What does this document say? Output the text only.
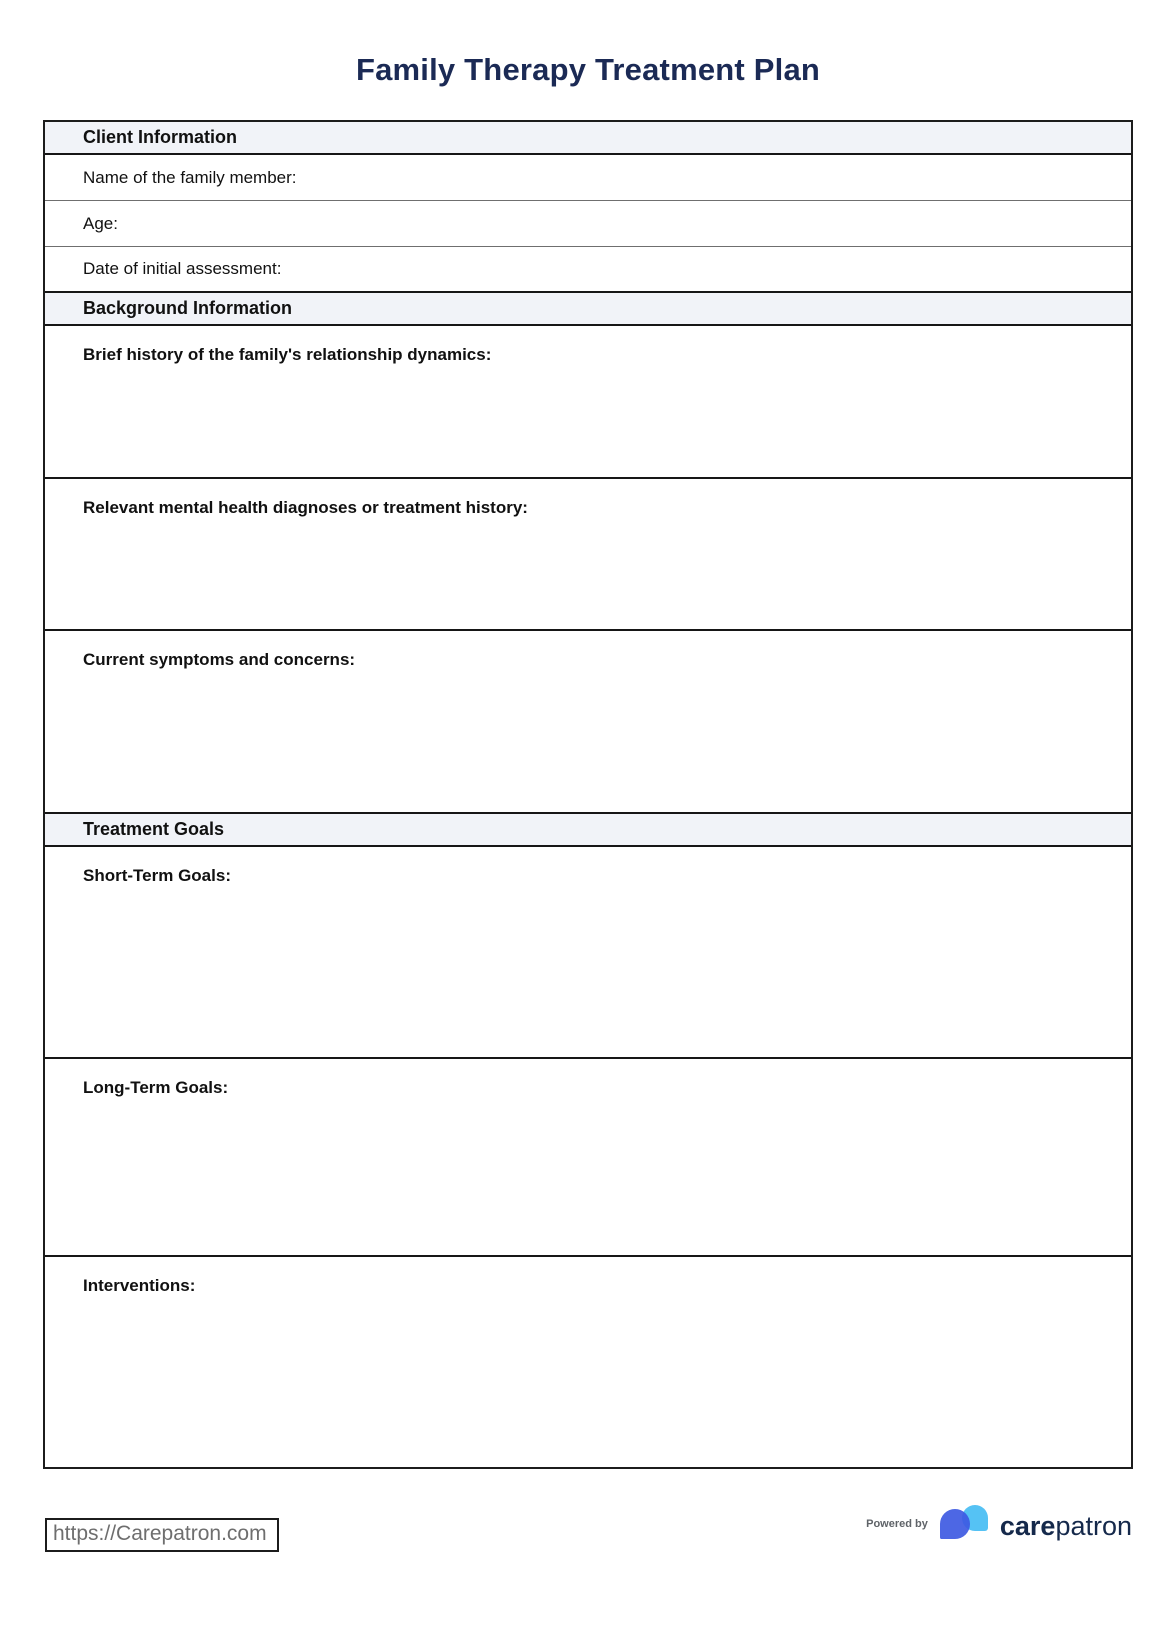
Family Therapy Treatment Plan
Client Information
Name of the family member:
Age:
Date of initial assessment:
Background Information
Brief history of the family's relationship dynamics:
Relevant mental health diagnoses or treatment history:
Current symptoms and concerns:
Treatment Goals
Short-Term Goals:
Long-Term Goals:
Interventions:
https://Carepatron.com	Powered by	carepatron
